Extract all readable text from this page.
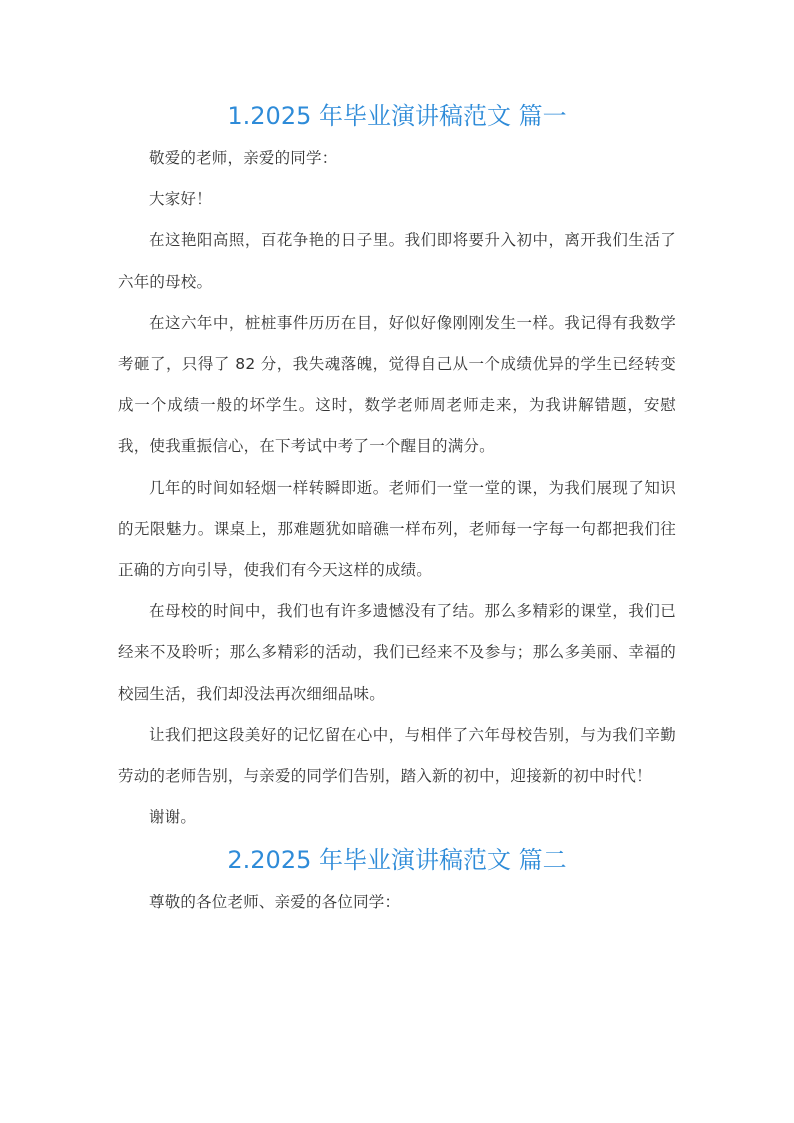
1.2025 年毕业演讲稿范文 篇一

敬爱的老师，亲爱的同学：

大家好！

在这艳阳高照，百花争艳的日子里。我们即将要升入初中，离开我们生活了六年的母校。

在这六年中，桩桩事件历历在目，好似好像刚刚发生一样。我记得有我数学考砸了，只得了 82 分，我失魂落魄，觉得自己从一个成绩优异的学生已经转变成一个成绩一般的坏学生。这时，数学老师周老师走来，为我讲解错题，安慰我，使我重振信心，在下考试中考了一个醒目的满分。

几年的时间如轻烟一样转瞬即逝。老师们一堂一堂的课，为我们展现了知识的无限魅力。课桌上，那难题犹如暗礁一样布列，老师每一字每一句都把我们往正确的方向引导，使我们有今天这样的成绩。

在母校的时间中，我们也有许多遗憾没有了结。那么多精彩的课堂，我们已经来不及聆听；那么多精彩的活动，我们已经来不及参与；那么多美丽、幸福的校园生活，我们却没法再次细细品味。

让我们把这段美好的记忆留在心中，与相伴了六年母校告别，与为我们辛勤劳动的老师告别，与亲爱的同学们告别，踏入新的初中，迎接新的初中时代！

谢谢。

2.2025 年毕业演讲稿范文 篇二

尊敬的各位老师、亲爱的各位同学：
